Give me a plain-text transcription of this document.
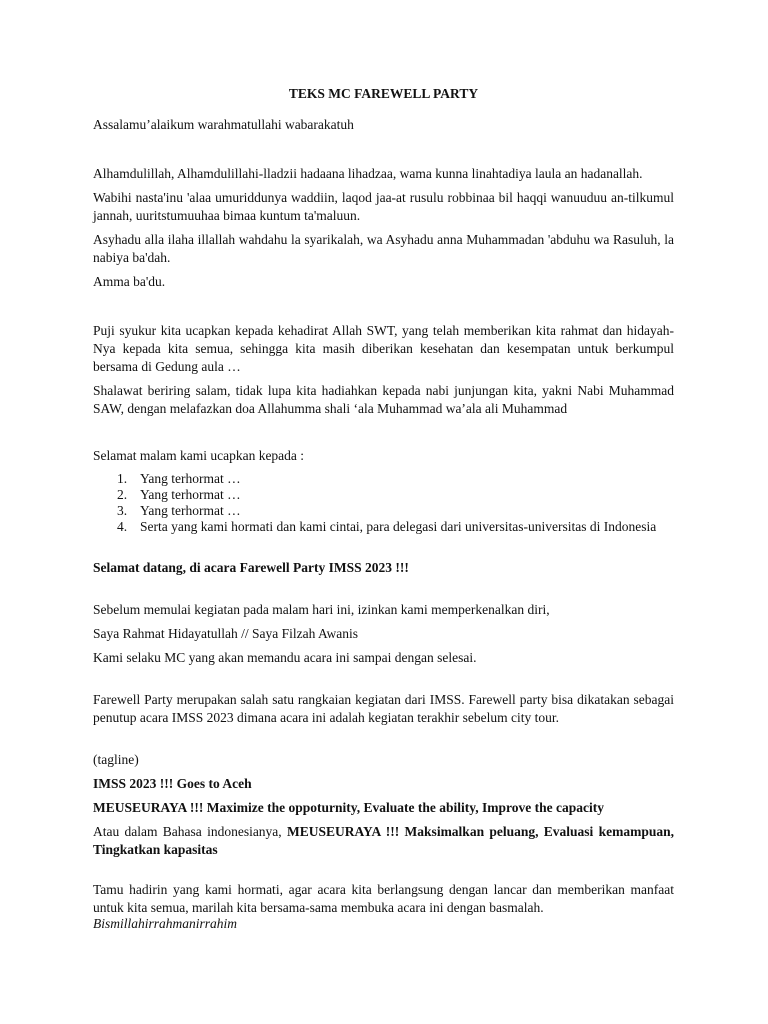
TEKS MC FAREWELL PARTY

Assalamu’alaikum warahmatullahi wabarakatuh

Alhamdulillah, Alhamdulillahi-lladzii hadaana lihadzaa, wama kunna linahtadiya laula an hadanallah.

Wabihi nasta'inu 'alaa umuriddunya waddiin, laqod jaa-at rusulu robbinaa bil haqqi wanuuduu an-tilkumul jannah, uuritstumuuhaa bimaa kuntum ta'maluun.

Asyhadu alla ilaha illallah wahdahu la syarikalah, wa Asyhadu anna Muhammadan 'abduhu wa Rasuluh, la nabiya ba'dah.

Amma ba'du.

Puji syukur kita ucapkan kepada kehadirat Allah SWT, yang telah memberikan kita rahmat dan hidayah-Nya kepada kita semua, sehingga kita masih diberikan kesehatan dan kesempatan untuk berkumpul bersama di Gedung aula …

Shalawat beriring salam, tidak lupa kita hadiahkan kepada nabi junjungan kita, yakni Nabi Muhammad SAW, dengan melafazkan doa Allahumma shali ‘ala Muhammad wa’ala ali Muhammad

Selamat malam kami ucapkan kepada :

1. Yang terhormat …
2. Yang terhormat …
3. Yang terhormat …
4. Serta yang kami hormati dan kami cintai, para delegasi dari universitas-universitas di Indonesia

Selamat datang, di acara Farewell Party IMSS 2023 !!!

Sebelum memulai kegiatan pada malam hari ini, izinkan kami memperkenalkan diri,

Saya Rahmat Hidayatullah // Saya Filzah Awanis

Kami selaku MC yang akan memandu acara ini sampai dengan selesai.

Farewell Party merupakan salah satu rangkaian kegiatan dari IMSS. Farewell party bisa dikatakan sebagai penutup acara IMSS 2023 dimana acara ini adalah kegiatan terakhir sebelum city tour.

(tagline)

IMSS 2023 !!! Goes to Aceh

MEUSEURAYA !!! Maximize the oppoturnity, Evaluate the ability, Improve the capacity

Atau dalam Bahasa indonesianya, MEUSEURAYA !!! Maksimalkan peluang, Evaluasi kemampuan, Tingkatkan kapasitas

Tamu hadirin yang kami hormati, agar acara kita berlangsung dengan lancar dan memberikan manfaat untuk kita semua, marilah kita bersama-sama membuka acara ini dengan basmalah.

Bismillahirrahmanirrahim
